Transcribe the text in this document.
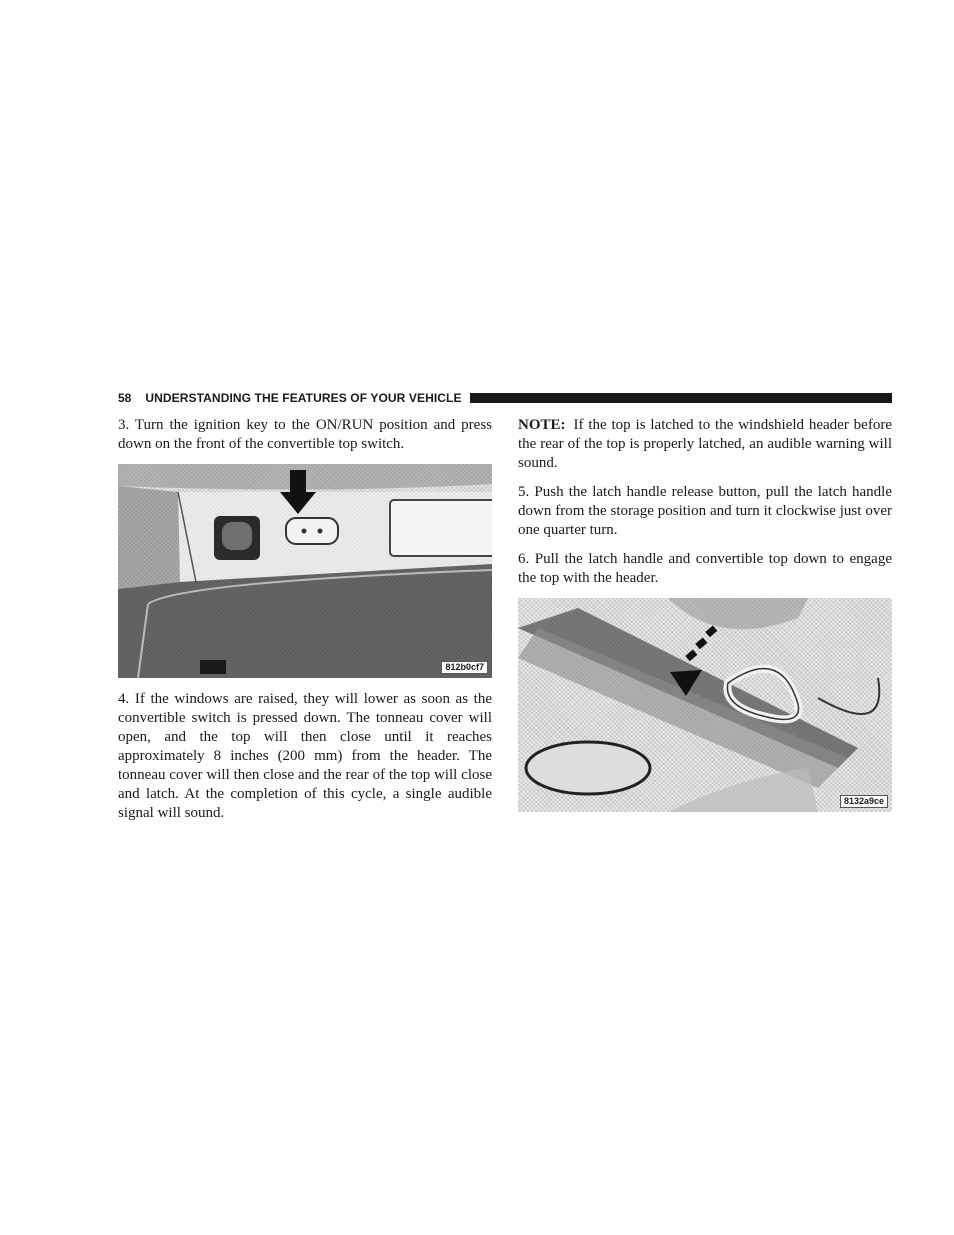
58 UNDERSTANDING THE FEATURES OF YOUR VEHICLE

3. Turn the ignition key to the ON/RUN position and press down on the front of the convertible top switch.

812b0cf7

4. If the windows are raised, they will lower as soon as the convertible switch is pressed down. The tonneau cover will open, and the top will then close until it reaches approximately 8 inches (200 mm) from the header. The tonneau cover will then close and the rear of the top will close and latch. At the completion of this cycle, a single audible signal will sound.

NOTE: If the top is latched to the windshield header before the rear of the top is properly latched, an audible warning will sound.

5. Push the latch handle release button, pull the latch handle down from the storage position and turn it clockwise just over one quarter turn.

6. Pull the latch handle and convertible top down to engage the top with the header.

8132a9ce
